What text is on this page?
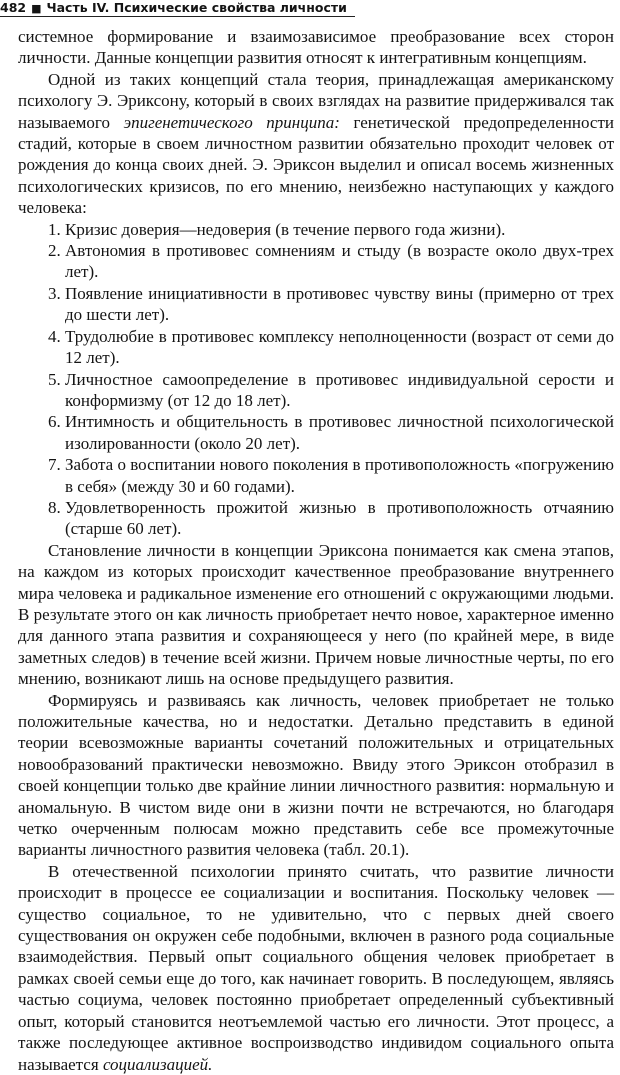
482 ■ Часть IV. Психические свойства личности

системное формирование и взаимозависимое преобразование всех сторон личности. Данные концепции развития относят к интегративным концепциям.

Одной из таких концепций стала теория, принадлежащая американскому психологу Э. Эриксону, который в своих взглядах на развитие придерживался так называемого эпигенетического принципа: генетической предопределенности стадий, которые в своем личностном развитии обязательно проходит человек от рождения до конца своих дней. Э. Эриксон выделил и описал восемь жизненных психологических кризисов, по его мнению, неизбежно наступающих у каждого человека:

1. Кризис доверия—недоверия (в течение первого года жизни).
2. Автономия в противовес сомнениям и стыду (в возрасте около двух-трех лет).
3. Появление инициативности в противовес чувству вины (примерно от трех до шести лет).
4. Трудолюбие в противовес комплексу неполноценности (возраст от семи до 12 лет).
5. Личностное самоопределение в противовес индивидуальной серости и конформизму (от 12 до 18 лет).
6. Интимность и общительность в противовес личностной психологической изолированности (около 20 лет).
7. Забота о воспитании нового поколения в противоположность «погружению в себя» (между 30 и 60 годами).
8. Удовлетворенность прожитой жизнью в противоположность отчаянию (старше 60 лет).

Становление личности в концепции Эриксона понимается как смена этапов, на каждом из которых происходит качественное преобразование внутреннего мира человека и радикальное изменение его отношений с окружающими людьми. В результате этого он как личность приобретает нечто новое, характерное именно для данного этапа развития и сохраняющееся у него (по крайней мере, в виде заметных следов) в течение всей жизни. Причем новые личностные черты, по его мнению, возникают лишь на основе предыдущего развития.

Формируясь и развиваясь как личность, человек приобретает не только положительные качества, но и недостатки. Детально представить в единой теории всевозможные варианты сочетаний положительных и отрицательных новообразований практически невозможно. Ввиду этого Эриксон отобразил в своей концепции только две крайние линии личностного развития: нормальную и аномальную. В чистом виде они в жизни почти не встречаются, но благодаря четко очерченным полюсам можно представить себе все промежуточные варианты личностного развития человека (табл. 20.1).

В отечественной психологии принято считать, что развитие личности происходит в процессе ее социализации и воспитания. Поскольку человек — существо социальное, то не удивительно, что с первых дней своего существования он окружен себе подобными, включен в разного рода социальные взаимодействия. Первый опыт социального общения человек приобретает в рамках своей семьи еще до того, как начинает говорить. В последующем, являясь частью социума, человек постоянно приобретает определенный субъективный опыт, который становится неотъемлемой частью его личности. Этот процесс, а также последующее активное воспроизводство индивидом социального опыта называется социализацией.
